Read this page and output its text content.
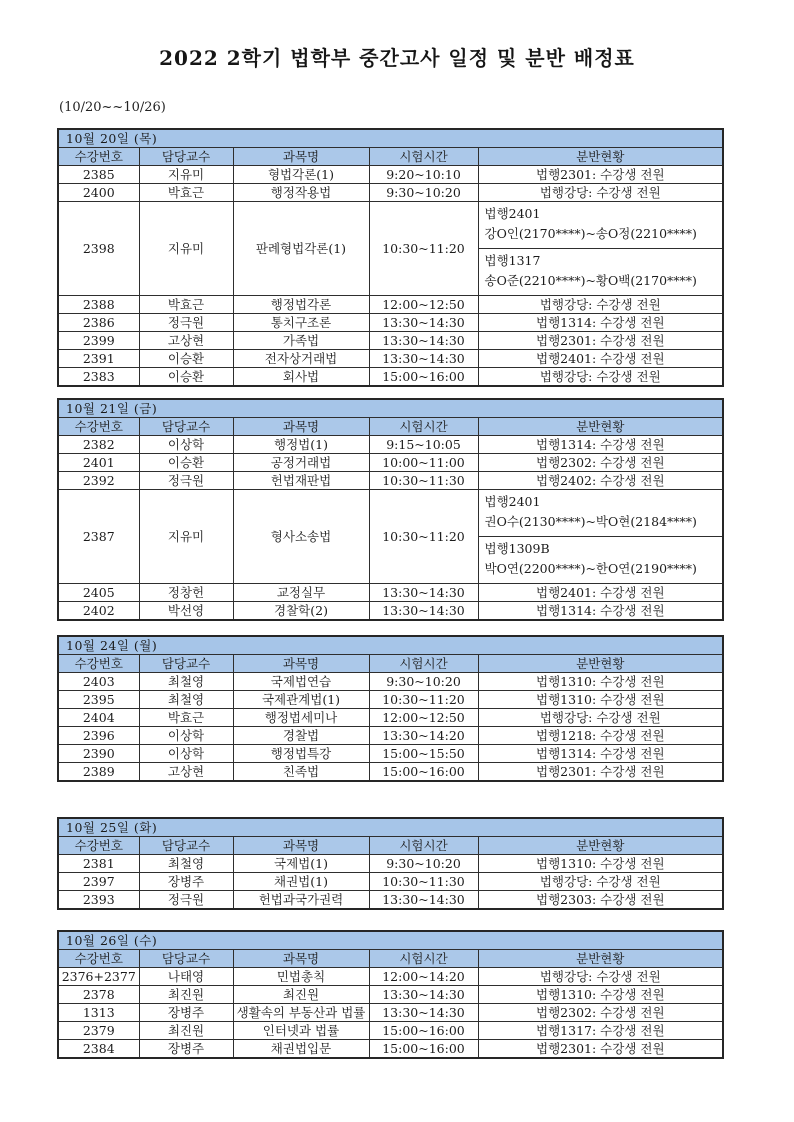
2022 2학기 법학부 중간고사 일정 및 분반 배정표
(10/20~~10/26)
10월 20일 (목)				
수강번호	담당교수	과목명	시험시간	분반현황
2385	지유미	형법각론(1)	9:20~10:10	법행2301: 수강생 전원
2400	박효근	행정작용법	9:30~10:20	법행강당: 수강생 전원
2398	지유미	판례형법각론(1)	10:30~11:20	법행2401
강O인(2170****)~송O정(2210****)
법행1317
송O준(2210****)~황O백(2170****)

2388	박효근	행정법각론	12:00~12:50	법행강당: 수강생 전원
2386	정극원	통치구조론	13:30~14:30	법행1314: 수강생 전원
2399	고상현	가족법	13:30~14:30	법행2301: 수강생 전원
2391	이승환	전자상거래법	13:30~14:30	법행2401: 수강생 전원
2383	이승환	회사법	15:00~16:00	법행강당: 수강생 전원
10월 21일 (금)				
수강번호	담당교수	과목명	시험시간	분반현황
2382	이상학	행정법(1)	9:15~10:05	법행1314: 수강생 전원
2401	이승환	공정거래법	10:00~11:00	법행2302: 수강생 전원
2392	정극원	헌법재판법	10:30~11:30	법행2402: 수강생 전원
2387	지유미	형사소송법	10:30~11:20	법행2401
권O수(2130****)~박O현(2184****)
법행1309B
박O연(2200****)~한O연(2190****)

2405	정창헌	교정실무	13:30~14:30	법행2401: 수강생 전원
2402	박선영	경찰학(2)	13:30~14:30	법행1314: 수강생 전원
10월 24일 (월)				
수강번호	담당교수	과목명	시험시간	분반현황
2403	최철영	국제법연습	9:30~10:20	법행1310: 수강생 전원
2395	최철영	국제관계법(1)	10:30~11:20	법행1310: 수강생 전원
2404	박효근	행정법세미나	12:00~12:50	법행강당: 수강생 전원
2396	이상학	경찰법	13:30~14:20	법행1218: 수강생 전원
2390	이상학	행정법특강	15:00~15:50	법행1314: 수강생 전원
2389	고상현	친족법	15:00~16:00	법행2301: 수강생 전원
10월 25일 (화)				
수강번호	담당교수	과목명	시험시간	분반현황
2381	최철영	국제법(1)	9:30~10:20	법행1310: 수강생 전원
2397	장병주	채권법(1)	10:30~11:30	법행강당: 수강생 전원
2393	정극원	헌법과국가권력	13:30~14:30	법행2303: 수강생 전원
10월 26일 (수)				
수강번호	담당교수	과목명	시험시간	분반현황
2376+2377	나태영	민법총칙	12:00~14:20	법행강당: 수강생 전원
2378	최진원	최진원	13:30~14:30	법행1310: 수강생 전원
1313	장병주	생활속의 부동산과 법률	13:30~14:30	법행2302: 수강생 전원
2379	최진원	인터넷과 법률	15:00~16:00	법행1317: 수강생 전원
2384	장병주	채권법입문	15:00~16:00	법행2301: 수강생 전원
